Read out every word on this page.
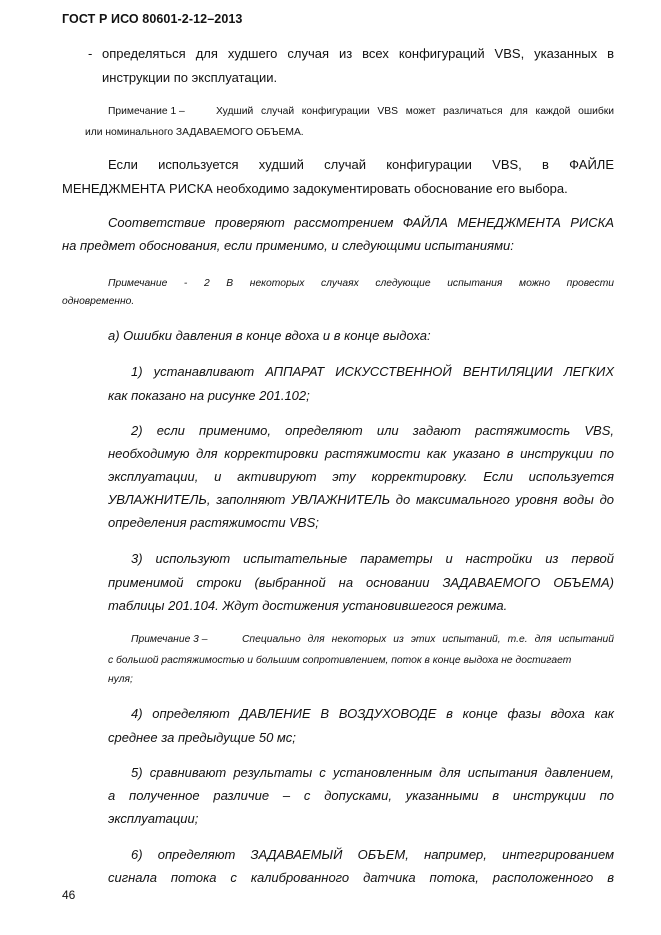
ГОСТ Р ИСО 80601-2-12–2013
- определяться для худшего случая из всех конфигураций VBS, указанных в
инструкции по эксплуатации.
Примечание 1 –	Худший случай конфигурации VBS может различаться для каждой ошибки
или номинального ЗАДАВАЕМОГО ОБЪЕМА.
Если используется худший случай конфигурации VBS, в ФАЙЛЕ
МЕНЕДЖМЕНТА РИСКА необходимо задокументировать обоснование его выбора.
Соответствие проверяют рассмотрением ФАЙЛА МЕНЕДЖМЕНТА РИСКА
на предмет обоснования, если применимо, и следующими испытаниями:
Примечание - 2 В некоторых случаях следующие испытания можно провести
одновременно.
а) Ошибки давления в конце вдоха и в конце выдоха:
1) устанавливают АППАРАТ ИСКУССТВЕННОЙ ВЕНТИЛЯЦИИ ЛЕГКИХ
как показано на рисунке 201.102;
2) если применимо, определяют или задают растяжимость VBS,
необходимую для корректировки растяжимости как указано в инструкции по
эксплуатации, и активируют эту корректировку. Если используется
УВЛАЖНИТЕЛЬ, заполняют УВЛАЖНИТЕЛЬ до максимального уровня воды до
определения растяжимости VBS;
3) используют испытательные параметры и настройки из первой
применимой строки (выбранной на основании ЗАДАВАЕМОГО ОБЪЕМА)
таблицы 201.104. Ждут достижения установившегося режима.
Примечание 3 –	Специально для некоторых из этих испытаний, т.е. для испытаний
с большой растяжимостью и большим сопротивлением, поток в конце выдоха не достигает
нуля;
4) определяют ДАВЛЕНИЕ В ВОЗДУХОВОДЕ в конце фазы вдоха как
среднее за предыдущие 50 мс;
5) сравнивают результаты с установленным для испытания давлением,
а полученное различие – с допусками, указанными в инструкции по
эксплуатации;
6) определяют ЗАДАВАЕМЫЙ ОБЪЕМ, например, интегрированием
сигнала потока с калиброванного датчика потока, расположенного в
46
